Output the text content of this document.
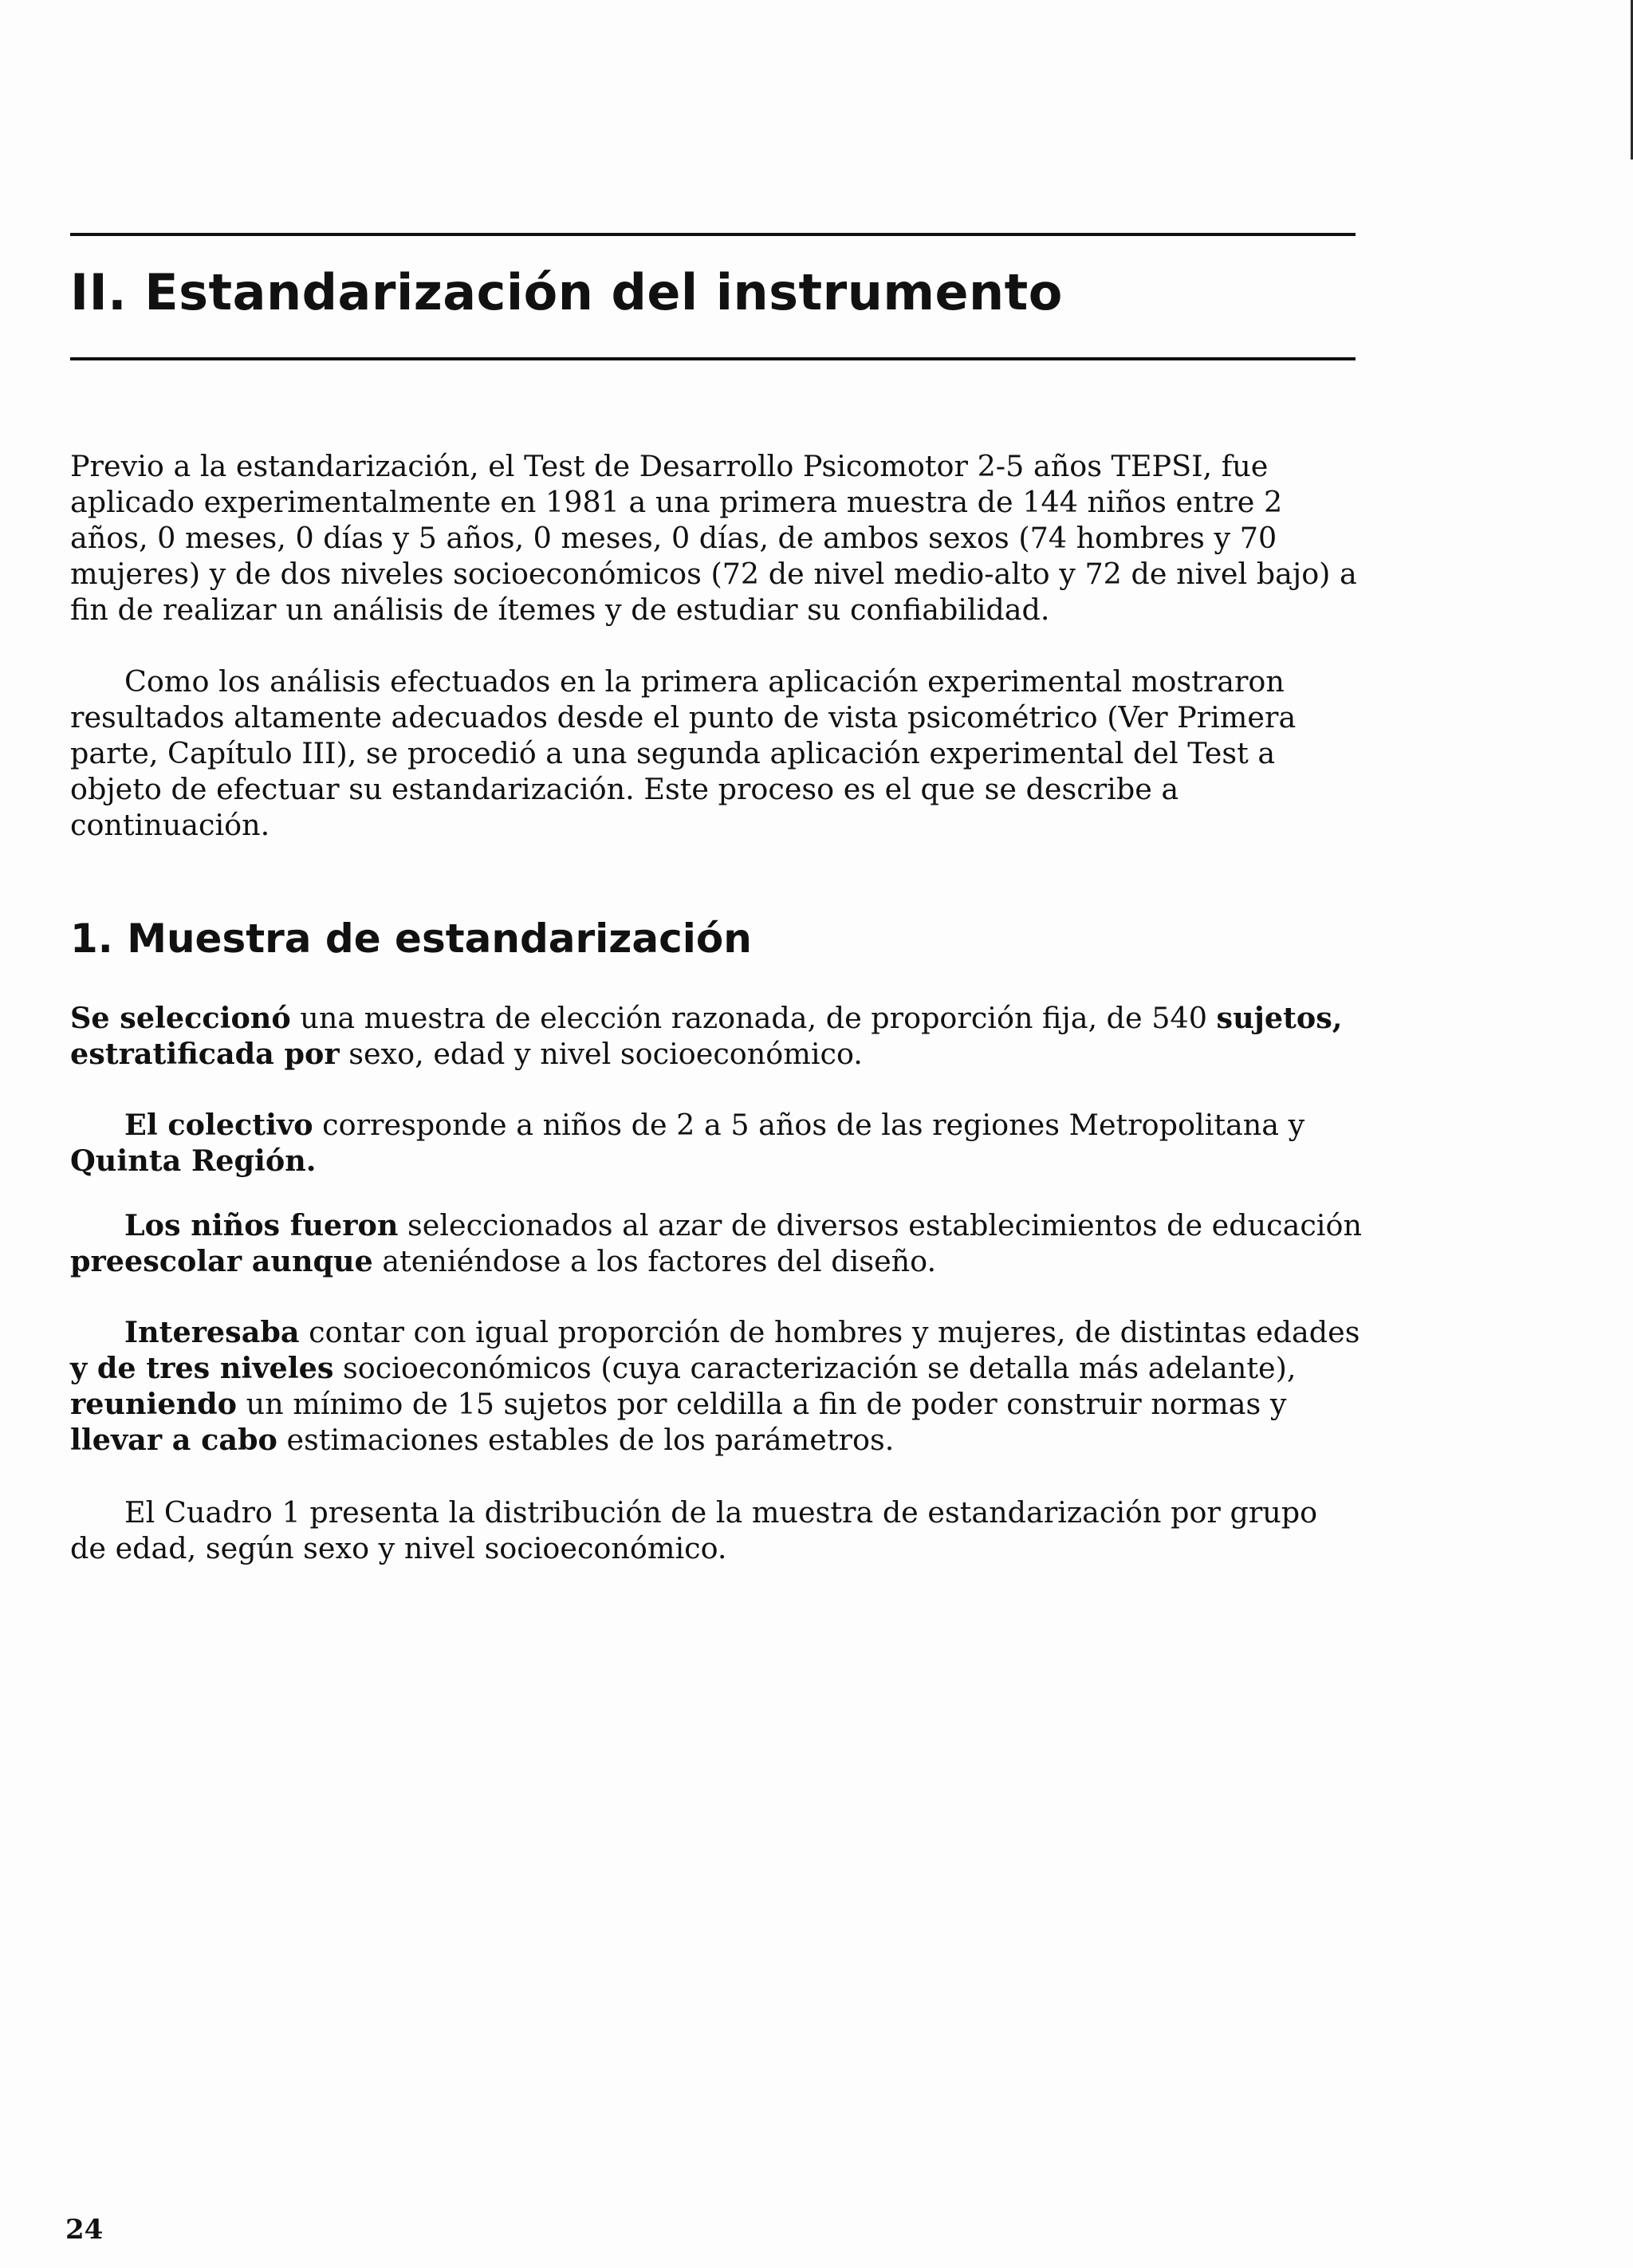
II. Estandarización del instrumento

Previo a la estandarización, el Test de Desarrollo Psicomotor 2-5 años TEPSI, fue aplicado experimentalmente en 1981 a una primera muestra de 144 niños entre 2 años, 0 meses, 0 días y 5 años, 0 meses, 0 días, de ambos sexos (74 hombres y 70 mujeres) y de dos niveles socioeconómicos (72 de nivel medio-alto y 72 de nivel bajo) a fin de realizar un análisis de ítemes y de estudiar su confiabilidad.

Como los análisis efectuados en la primera aplicación experimental mostraron resultados altamente adecuados desde el punto de vista psicométrico (Ver Primera parte, Capítulo III), se procedió a una segunda aplicación experimental del Test a objeto de efectuar su estandarización. Este proceso es el que se describe a continuación.

1. Muestra de estandarización

Se seleccionó una muestra de elección razonada, de proporción fija, de 540 sujetos, estratificada por sexo, edad y nivel socioeconómico.

El colectivo corresponde a niños de 2 a 5 años de las regiones Metropolitana y Quinta Región.

Los niños fueron seleccionados al azar de diversos establecimientos de educación preescolar aunque ateniéndose a los factores del diseño.

Interesaba contar con igual proporción de hombres y mujeres, de distintas edades y de tres niveles socioeconómicos (cuya caracterización se detalla más adelante), reuniendo un mínimo de 15 sujetos por celdilla a fin de poder construir normas y llevar a cabo estimaciones estables de los parámetros.

El Cuadro 1 presenta la distribución de la muestra de estandarización por grupo de edad, según sexo y nivel socioeconómico.

24
